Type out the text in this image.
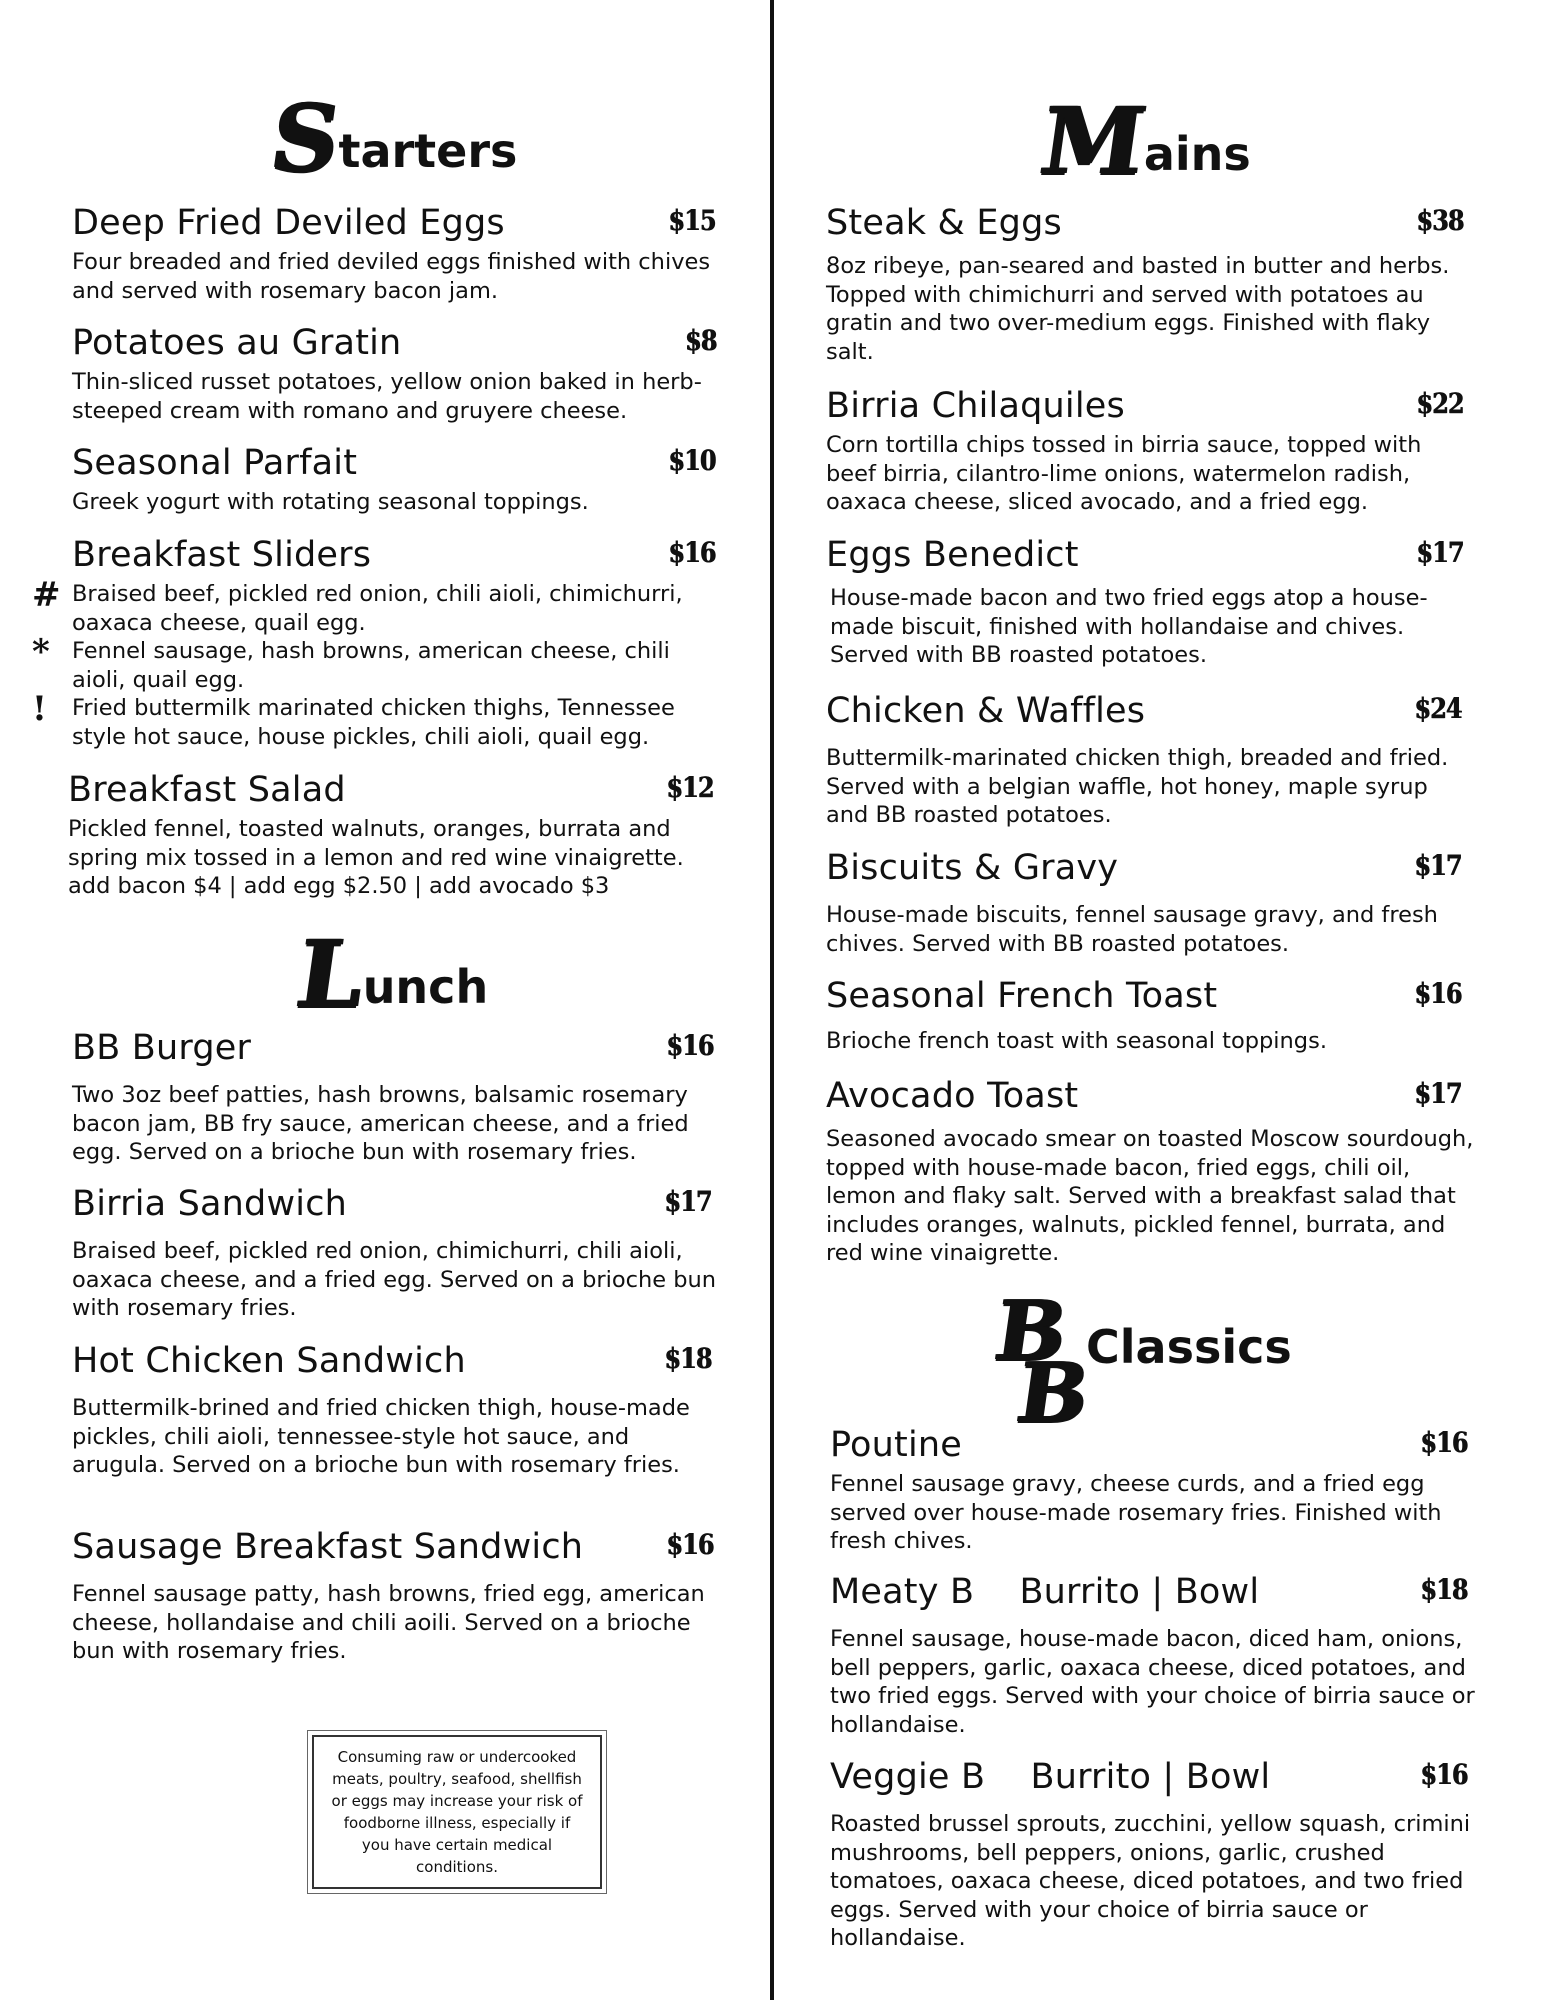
S
tarters
Deep Fried Deviled Eggs	$15
Four breaded and fried deviled eggs finished with chives and served with rosemary bacon jam.
Potatoes au Gratin	$8
Thin-sliced russet potatoes, yellow onion baked in herb-steeped cream with romano and gruyere cheese.
Seasonal Parfait	$10
Greek yogurt with rotating seasonal toppings.
Breakfast Sliders	$16
# Braised beef, pickled red onion, chili aioli, chimichurri, oaxaca cheese, quail egg.
* Fennel sausage, hash browns, american cheese, chili aioli, quail egg.
! Fried buttermilk marinated chicken thighs, Tennessee style hot sauce, house pickles, chili aioli, quail egg.
Breakfast Salad	$12
Pickled fennel, toasted walnuts, oranges, burrata and spring mix tossed in a lemon and red wine vinaigrette.
add bacon $4 | add egg $2.50 | add avocado $3
L
unch
BB Burger	$16
Two 3oz beef patties, hash browns, balsamic rosemary bacon jam, BB fry sauce, american cheese, and a fried egg. Served on a brioche bun with rosemary fries.
Birria Sandwich	$17
Braised beef, pickled red onion, chimichurri, chili aioli, oaxaca cheese, and a fried egg. Served on a brioche bun with rosemary fries.
Hot Chicken Sandwich	$18
Buttermilk-brined and fried chicken thigh, house-made pickles, chili aioli, tennessee-style hot sauce, and arugula. Served on a brioche bun with rosemary fries.
Sausage Breakfast Sandwich	$16
Fennel sausage patty, hash browns, fried egg, american cheese, hollandaise and chili aoili. Served on a brioche bun with rosemary fries.
Consuming raw or undercooked meats, poultry, seafood, shellfish or eggs may increase your risk of foodborne illness, especially if you have certain medical conditions.
M
ains
Steak & Eggs	$38
8oz ribeye, pan-seared and basted in butter and herbs. Topped with chimichurri and served with potatoes au gratin and two over-medium eggs. Finished with flaky salt.
Birria Chilaquiles	$22
Corn tortilla chips tossed in birria sauce, topped with beef birria, cilantro-lime onions, watermelon radish, oaxaca cheese, sliced avocado, and a fried egg.
Eggs Benedict	$17
House-made bacon and two fried eggs atop a house-made biscuit, finished with hollandaise and chives. Served with BB roasted potatoes.
Chicken & Waffles	$24
Buttermilk-marinated chicken thigh, breaded and fried. Served with a belgian waffle, hot honey, maple syrup and BB roasted potatoes.
Biscuits & Gravy	$17
House-made biscuits, fennel sausage gravy, and fresh chives. Served with BB roasted potatoes.
Seasonal French Toast	$16
Brioche french toast with seasonal toppings.
Avocado Toast	$17
Seasoned avocado smear on toasted Moscow sourdough, topped with house-made bacon, fried eggs, chili oil, lemon and flaky salt. Served with a breakfast salad that includes oranges, walnuts, pickled fennel, burrata, and red wine vinaigrette.
B
B
Classics
Poutine	$16
Fennel sausage gravy, cheese curds, and a fried egg served over house-made rosemary fries. Finished with fresh chives.
Meaty B    Burrito | Bowl	$18
Fennel sausage, house-made bacon, diced ham, onions, bell peppers, garlic, oaxaca cheese, diced potatoes, and two fried eggs. Served with your choice of birria sauce or hollandaise.
Veggie B    Burrito | Bowl	$16
Roasted brussel sprouts, zucchini, yellow squash, crimini mushrooms, bell peppers, onions, garlic, crushed tomatoes, oaxaca cheese, diced potatoes, and two fried eggs. Served with your choice of birria sauce or hollandaise.
